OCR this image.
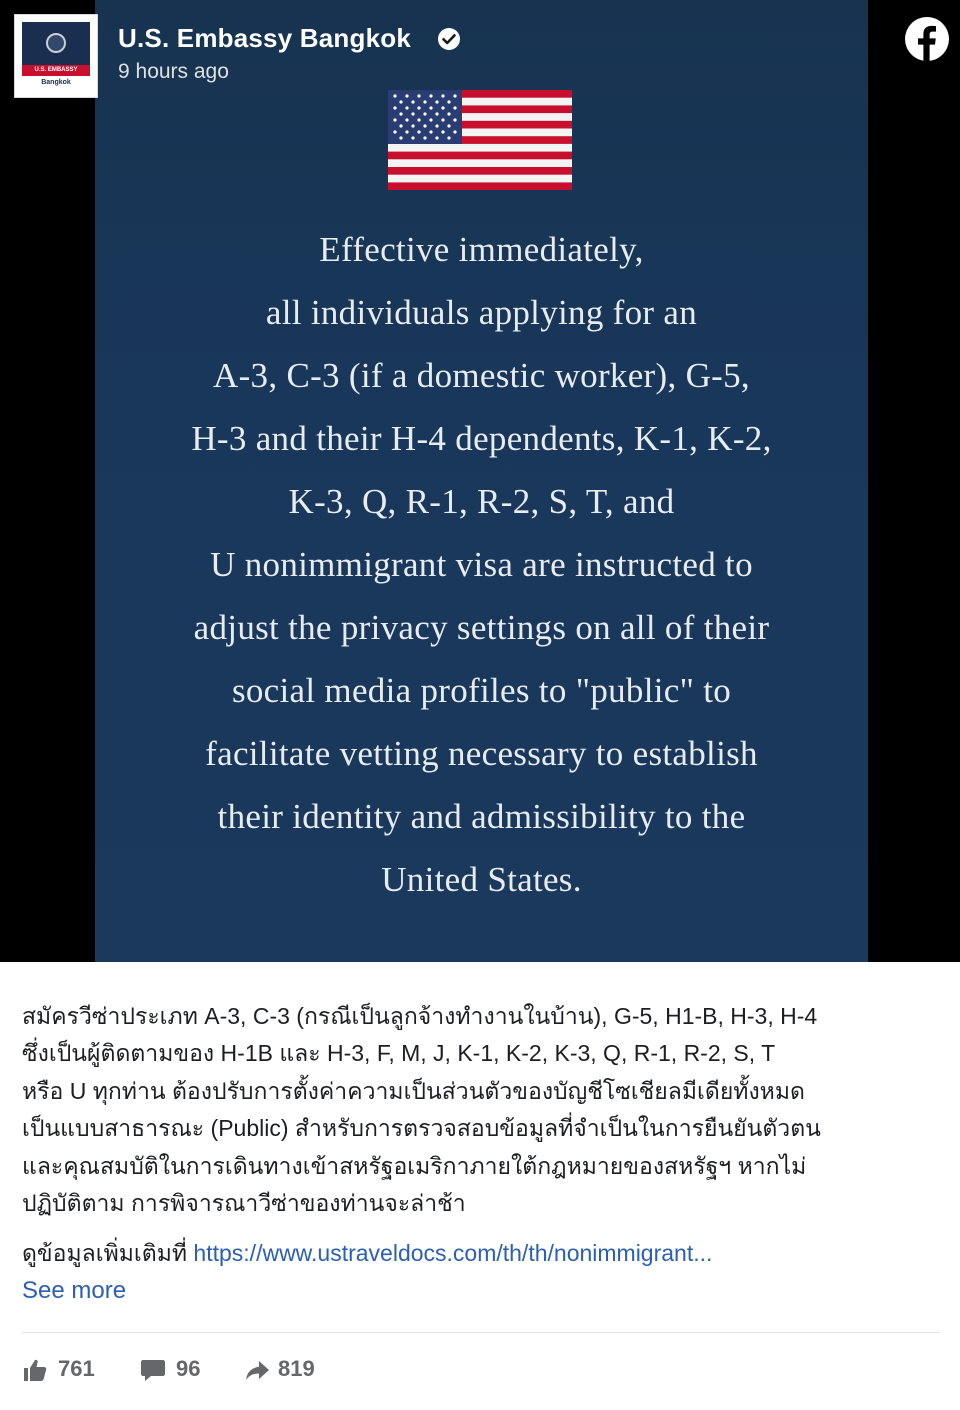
Effective immediately,
all individuals applying for an
A-3, C-3 (if a domestic worker), G-5,
H-3 and their H-4 dependents, K-1, K-2,
K-3, Q, R-1, R-2, S, T, and
U nonimmigrant visa are instructed to
adjust the privacy settings on all of their
social media profiles to "public" to
facilitate vetting necessary to establish
their identity and admissibility to the
United States.
U.S. EMBASSY
Bangkok
U.S. Embassy Bangkok
9 hours ago
สมัครวีซ่าประเภท A-3, C-3 (กรณีเป็นลูกจ้างทำงานในบ้าน), G-5, H1-B, H-3, H-4
ซึ่งเป็นผู้ติดตามของ H-1B และ H-3, F, M, J, K-1, K-2, K-3, Q, R-1, R-2, S, T
หรือ U ทุกท่าน ต้องปรับการตั้งค่าความเป็นส่วนตัวของบัญชีโซเชียลมีเดียทั้งหมด
เป็นแบบสาธารณะ (Public) สำหรับการตรวจสอบข้อมูลที่จำเป็นในการยืนยันตัวตน
และคุณสมบัติในการเดินทางเข้าสหรัฐอเมริกาภายใต้กฎหมายของสหรัฐฯ หากไม่
ปฏิบัติตาม การพิจารณาวีซ่าของท่านจะล่าช้า
ดูข้อมูลเพิ่มเติมที่ https://www.ustraveldocs.com/th/th/nonimmigrant...
See more
761	96	819
